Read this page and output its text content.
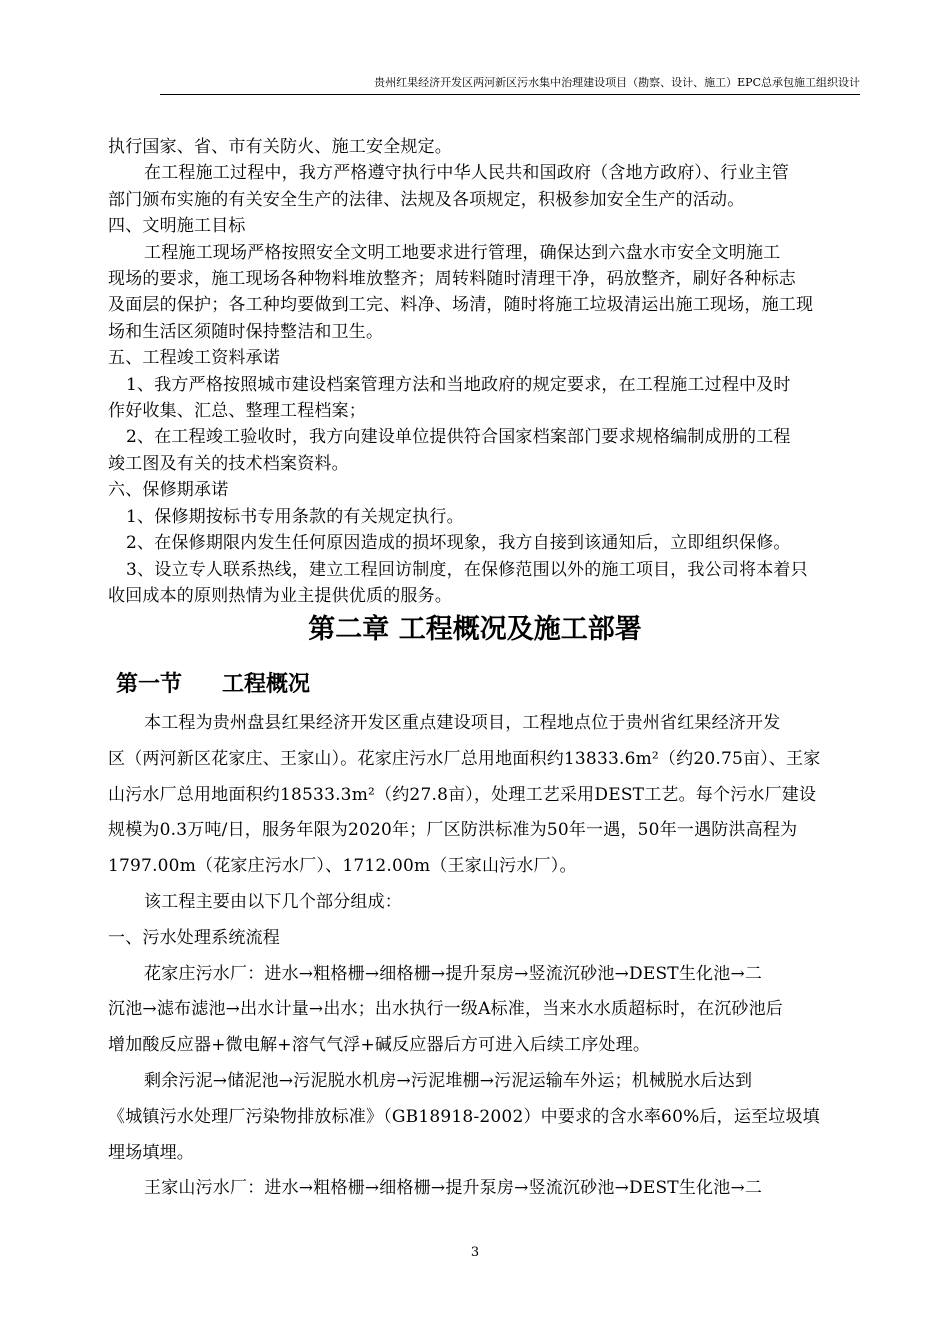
贵州红果经济开发区两河新区污水集中治理建设项目（勘察、设计、施工）EPC总承包施工组织设计

执行国家、省、市有关防火、施工安全规定。

在工程施工过程中，我方严格遵守执行中华人民共和国政府（含地方政府）、行业主管

部门颁布实施的有关安全生产的法律、法规及各项规定，积极参加安全生产的活动。

四、文明施工目标

工程施工现场严格按照安全文明工地要求进行管理，确保达到六盘水市安全文明施工

现场的要求，施工现场各种物料堆放整齐；周转料随时清理干净，码放整齐，刷好各种标志

及面层的保护；各工种均要做到工完、料净、场清，随时将施工垃圾清运出施工现场，施工现

场和生活区须随时保持整洁和卫生。

五、工程竣工资料承诺

1、我方严格按照城市建设档案管理方法和当地政府的规定要求，在工程施工过程中及时

作好收集、汇总、整理工程档案；

2、在工程竣工验收时，我方向建设单位提供符合国家档案部门要求规格编制成册的工程

竣工图及有关的技术档案资料。

六、保修期承诺

1、保修期按标书专用条款的有关规定执行。

2、在保修期限内发生任何原因造成的损坏现象，我方自接到该通知后，立即组织保修。

3、设立专人联系热线，建立工程回访制度，在保修范围以外的施工项目，我公司将本着只

收回成本的原则热情为业主提供优质的服务。

第二章 工程概况及施工部署
第一节 工程概况

本工程为贵州盘县红果经济开发区重点建设项目，工程地点位于贵州省红果经济开发

区（两河新区花家庄、王家山）。花家庄污水厂总用地面积约13833.6m²（约20.75亩）、王家

山污水厂总用地面积约18533.3m²（约27.8亩），处理工艺采用DEST工艺。每个污水厂建设

规模为0.3万吨/日，服务年限为2020年；厂区防洪标准为50年一遇，50年一遇防洪高程为

1797.00m（花家庄污水厂）、1712.00m（王家山污水厂）。

该工程主要由以下几个部分组成：

一、污水处理系统流程

花家庄污水厂：进水→粗格栅→细格栅→提升泵房→竖流沉砂池→DEST生化池→二

沉池→滤布滤池→出水计量→出水；出水执行一级A标准，当来水水质超标时，在沉砂池后

增加酸反应器+微电解+溶气气浮+碱反应器后方可进入后续工序处理。

剩余污泥→储泥池→污泥脱水机房→污泥堆棚→污泥运输车外运；机械脱水后达到

《城镇污水处理厂污染物排放标准》（GB18918-2002）中要求的含水率60%后，运至垃圾填

埋场填埋。

王家山污水厂：进水→粗格栅→细格栅→提升泵房→竖流沉砂池→DEST生化池→二

3
